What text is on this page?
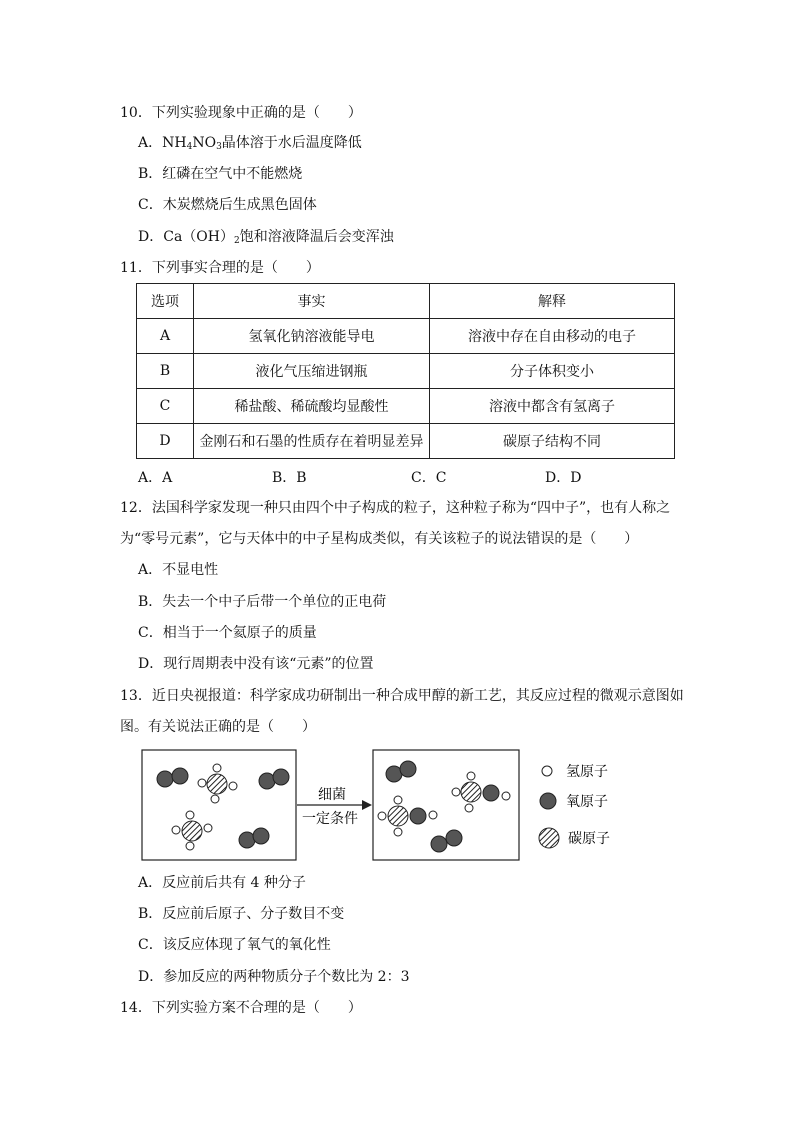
10．下列实验现象中正确的是（　　）
A．$NH_4NO_3$晶体溶于水后温度降低
B．红磷在空气中不能燃烧
C．木炭燃烧后生成黑色固体
D．$Ca(OH)_2$饱和溶液降温后会变浑浊
11．下列事实合理的是（　　）
选项	事实	解释
A	氢氧化钠溶液能导电	溶液中存在自由移动的电子
B	液化气压缩进钢瓶	分子体积变小
C	稀盐酸、稀硫酸均显酸性	溶液中都含有氢离子
D	金刚石和石墨的性质存在着明显差异	碳原子结构不同
A．A	B．B	C．C	D．D
12．法国科学家发现一种只由四个中子构成的粒子，这种粒子称为“四中子”，也有人称之
为“零号元素”，它与天体中的中子星构成类似，有关该粒子的说法错误的是（　　）
A．不显电性
B．失去一个中子后带一个单位的正电荷
C．相当于一个氦原子的质量
D．现行周期表中没有该“元素”的位置
13．近日央视报道：科学家成功研制出一种合成甲醇的新工艺，其反应过程的微观示意图如
图。有关说法正确的是（　　）
细菌
一定条件
氢原子
氧原子
碳原子
A．反应前后共有 4 种分子
B．反应前后原子、分子数目不变
C．该反应体现了氧气的氧化性
D．参加反应的两种物质分子个数比为 2：3
14．下列实验方案不合理的是（　　）
